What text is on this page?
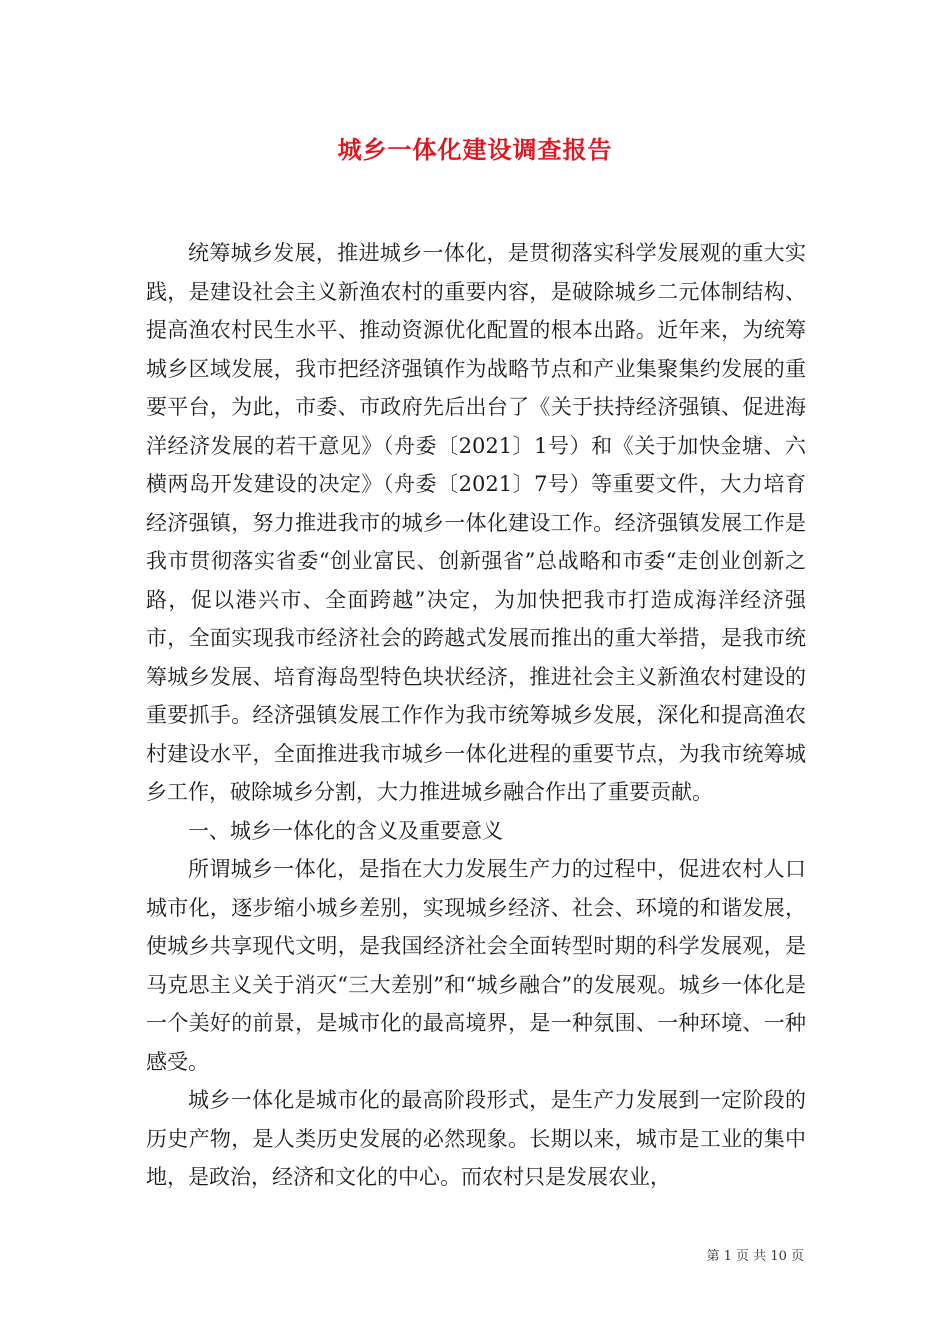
城乡一体化建设调查报告

统筹城乡发展，推进城乡一体化，是贯彻落实科学发展观的重大实践，是建设社会主义新渔农村的重要内容，是破除城乡二元体制结构、提高渔农村民生水平、推动资源优化配置的根本出路。近年来，为统筹城乡区域发展，我市把经济强镇作为战略节点和产业集聚集约发展的重要平台，为此，市委、市政府先后出台了《关于扶持经济强镇、促进海洋经济发展的若干意见》（舟委〔2021〕1号）和《关于加快金塘、六横两岛开发建设的决定》（舟委〔2021〕7号）等重要文件，大力培育经济强镇，努力推进我市的城乡一体化建设工作。经济强镇发展工作是我市贯彻落实省委“创业富民、创新强省”总战略和市委“走创业创新之路，促以港兴市、全面跨越”决定，为加快把我市打造成海洋经济强市，全面实现我市经济社会的跨越式发展而推出的重大举措，是我市统筹城乡发展、培育海岛型特色块状经济，推进社会主义新渔农村建设的重要抓手。经济强镇发展工作作为我市统筹城乡发展，深化和提高渔农村建设水平，全面推进我市城乡一体化进程的重要节点，为我市统筹城乡工作，破除城乡分割，大力推进城乡融合作出了重要贡献。

一、城乡一体化的含义及重要意义

所谓城乡一体化，是指在大力发展生产力的过程中，促进农村人口城市化，逐步缩小城乡差别，实现城乡经济、社会、环境的和谐发展，使城乡共享现代文明，是我国经济社会全面转型时期的科学发展观，是马克思主义关于消灭“三大差别”和“城乡融合”的发展观。城乡一体化是一个美好的前景，是城市化的最高境界，是一种氛围、一种环境、一种感受。

城乡一体化是城市化的最高阶段形式，是生产力发展到一定阶段的历史产物，是人类历史发展的必然现象。长期以来，城市是工业的集中地，是政治，经济和文化的中心。而农村只是发展农业，

第 1 页 共 10 页
